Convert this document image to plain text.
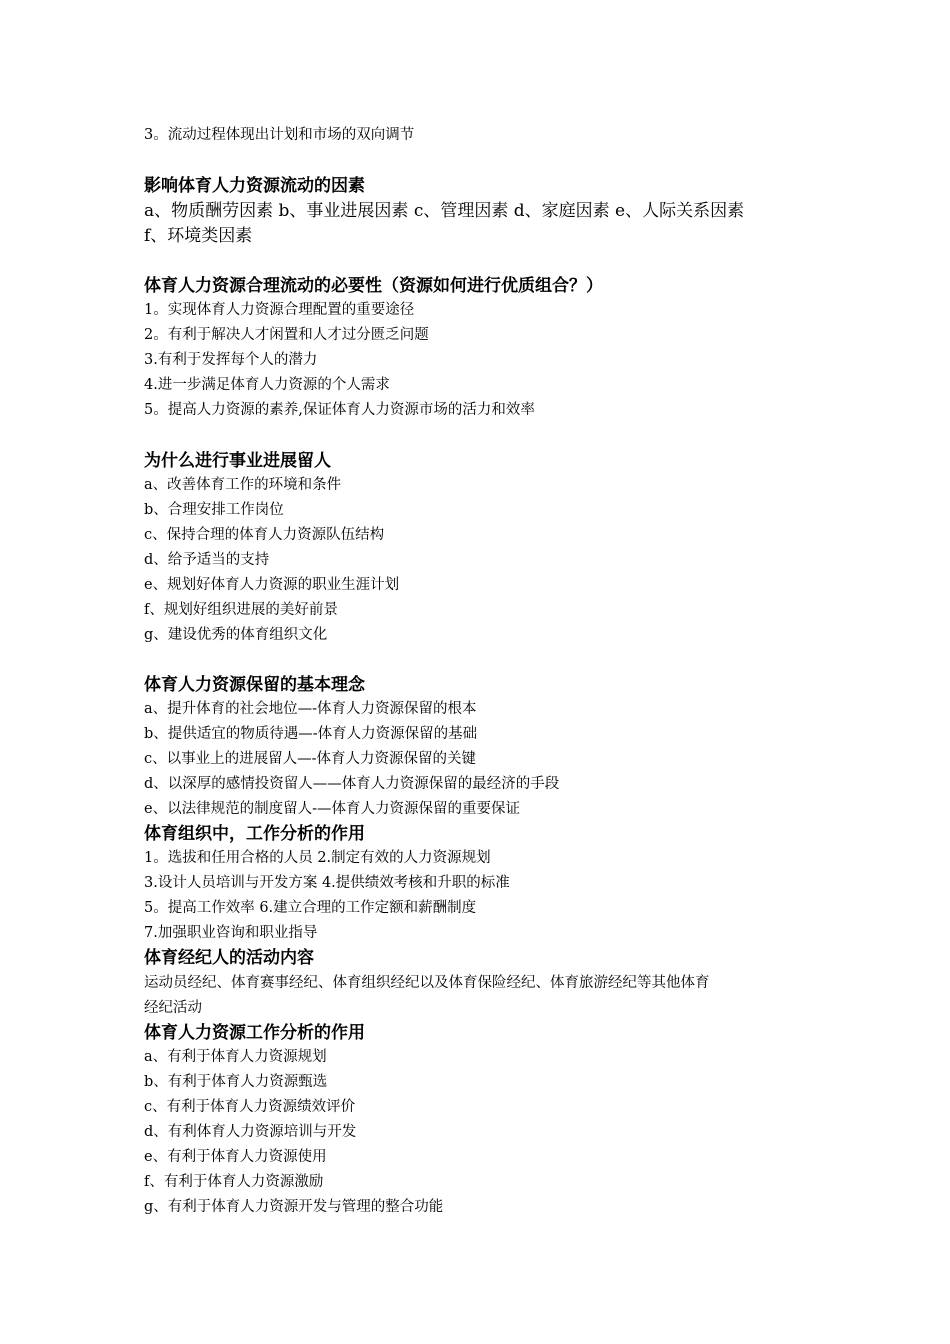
3。流动过程体现出计划和市场的双向调节
影响体育人力资源流动的因素
a、物质酬劳因素 b、事业进展因素 c、管理因素 d、家庭因素 e、人际关系因素
f、环境类因素
体育人力资源合理流动的必要性（资源如何进行优质组合？）
1。实现体育人力资源合理配置的重要途径
2。有利于解决人才闲置和人才过分匮乏问题
3.有利于发挥每个人的潜力
4.进一步满足体育人力资源的个人需求
5。提高人力资源的素养,保证体育人力资源市场的活力和效率
为什么进行事业进展留人
a、改善体育工作的环境和条件
b、合理安排工作岗位
c、保持合理的体育人力资源队伍结构
d、给予适当的支持
e、规划好体育人力资源的职业生涯计划
f、规划好组织进展的美好前景
g、建设优秀的体育组织文化
体育人力资源保留的基本理念
a、提升体育的社会地位—-体育人力资源保留的根本
b、提供适宜的物质待遇—-体育人力资源保留的基础
c、以事业上的进展留人—-体育人力资源保留的关键
d、以深厚的感情投资留人——体育人力资源保留的最经济的手段
e、以法律规范的制度留人-—体育人力资源保留的重要保证
体育组织中，工作分析的作用
1。选拔和任用合格的人员 2.制定有效的人力资源规划
3.设计人员培训与开发方案 4.提供绩效考核和升职的标准
5。提高工作效率 6.建立合理的工作定额和薪酬制度
7.加强职业咨询和职业指导
体育经纪人的活动内容
运动员经纪、体育赛事经纪、体育组织经纪以及体育保险经纪、体育旅游经纪等其他体育
经纪活动
体育人力资源工作分析的作用
a、有利于体育人力资源规划
b、有利于体育人力资源甄选
c、有利于体育人力资源绩效评价
d、有利体育人力资源培训与开发
e、有利于体育人力资源使用
f、有利于体育人力资源激励
g、有利于体育人力资源开发与管理的整合功能
